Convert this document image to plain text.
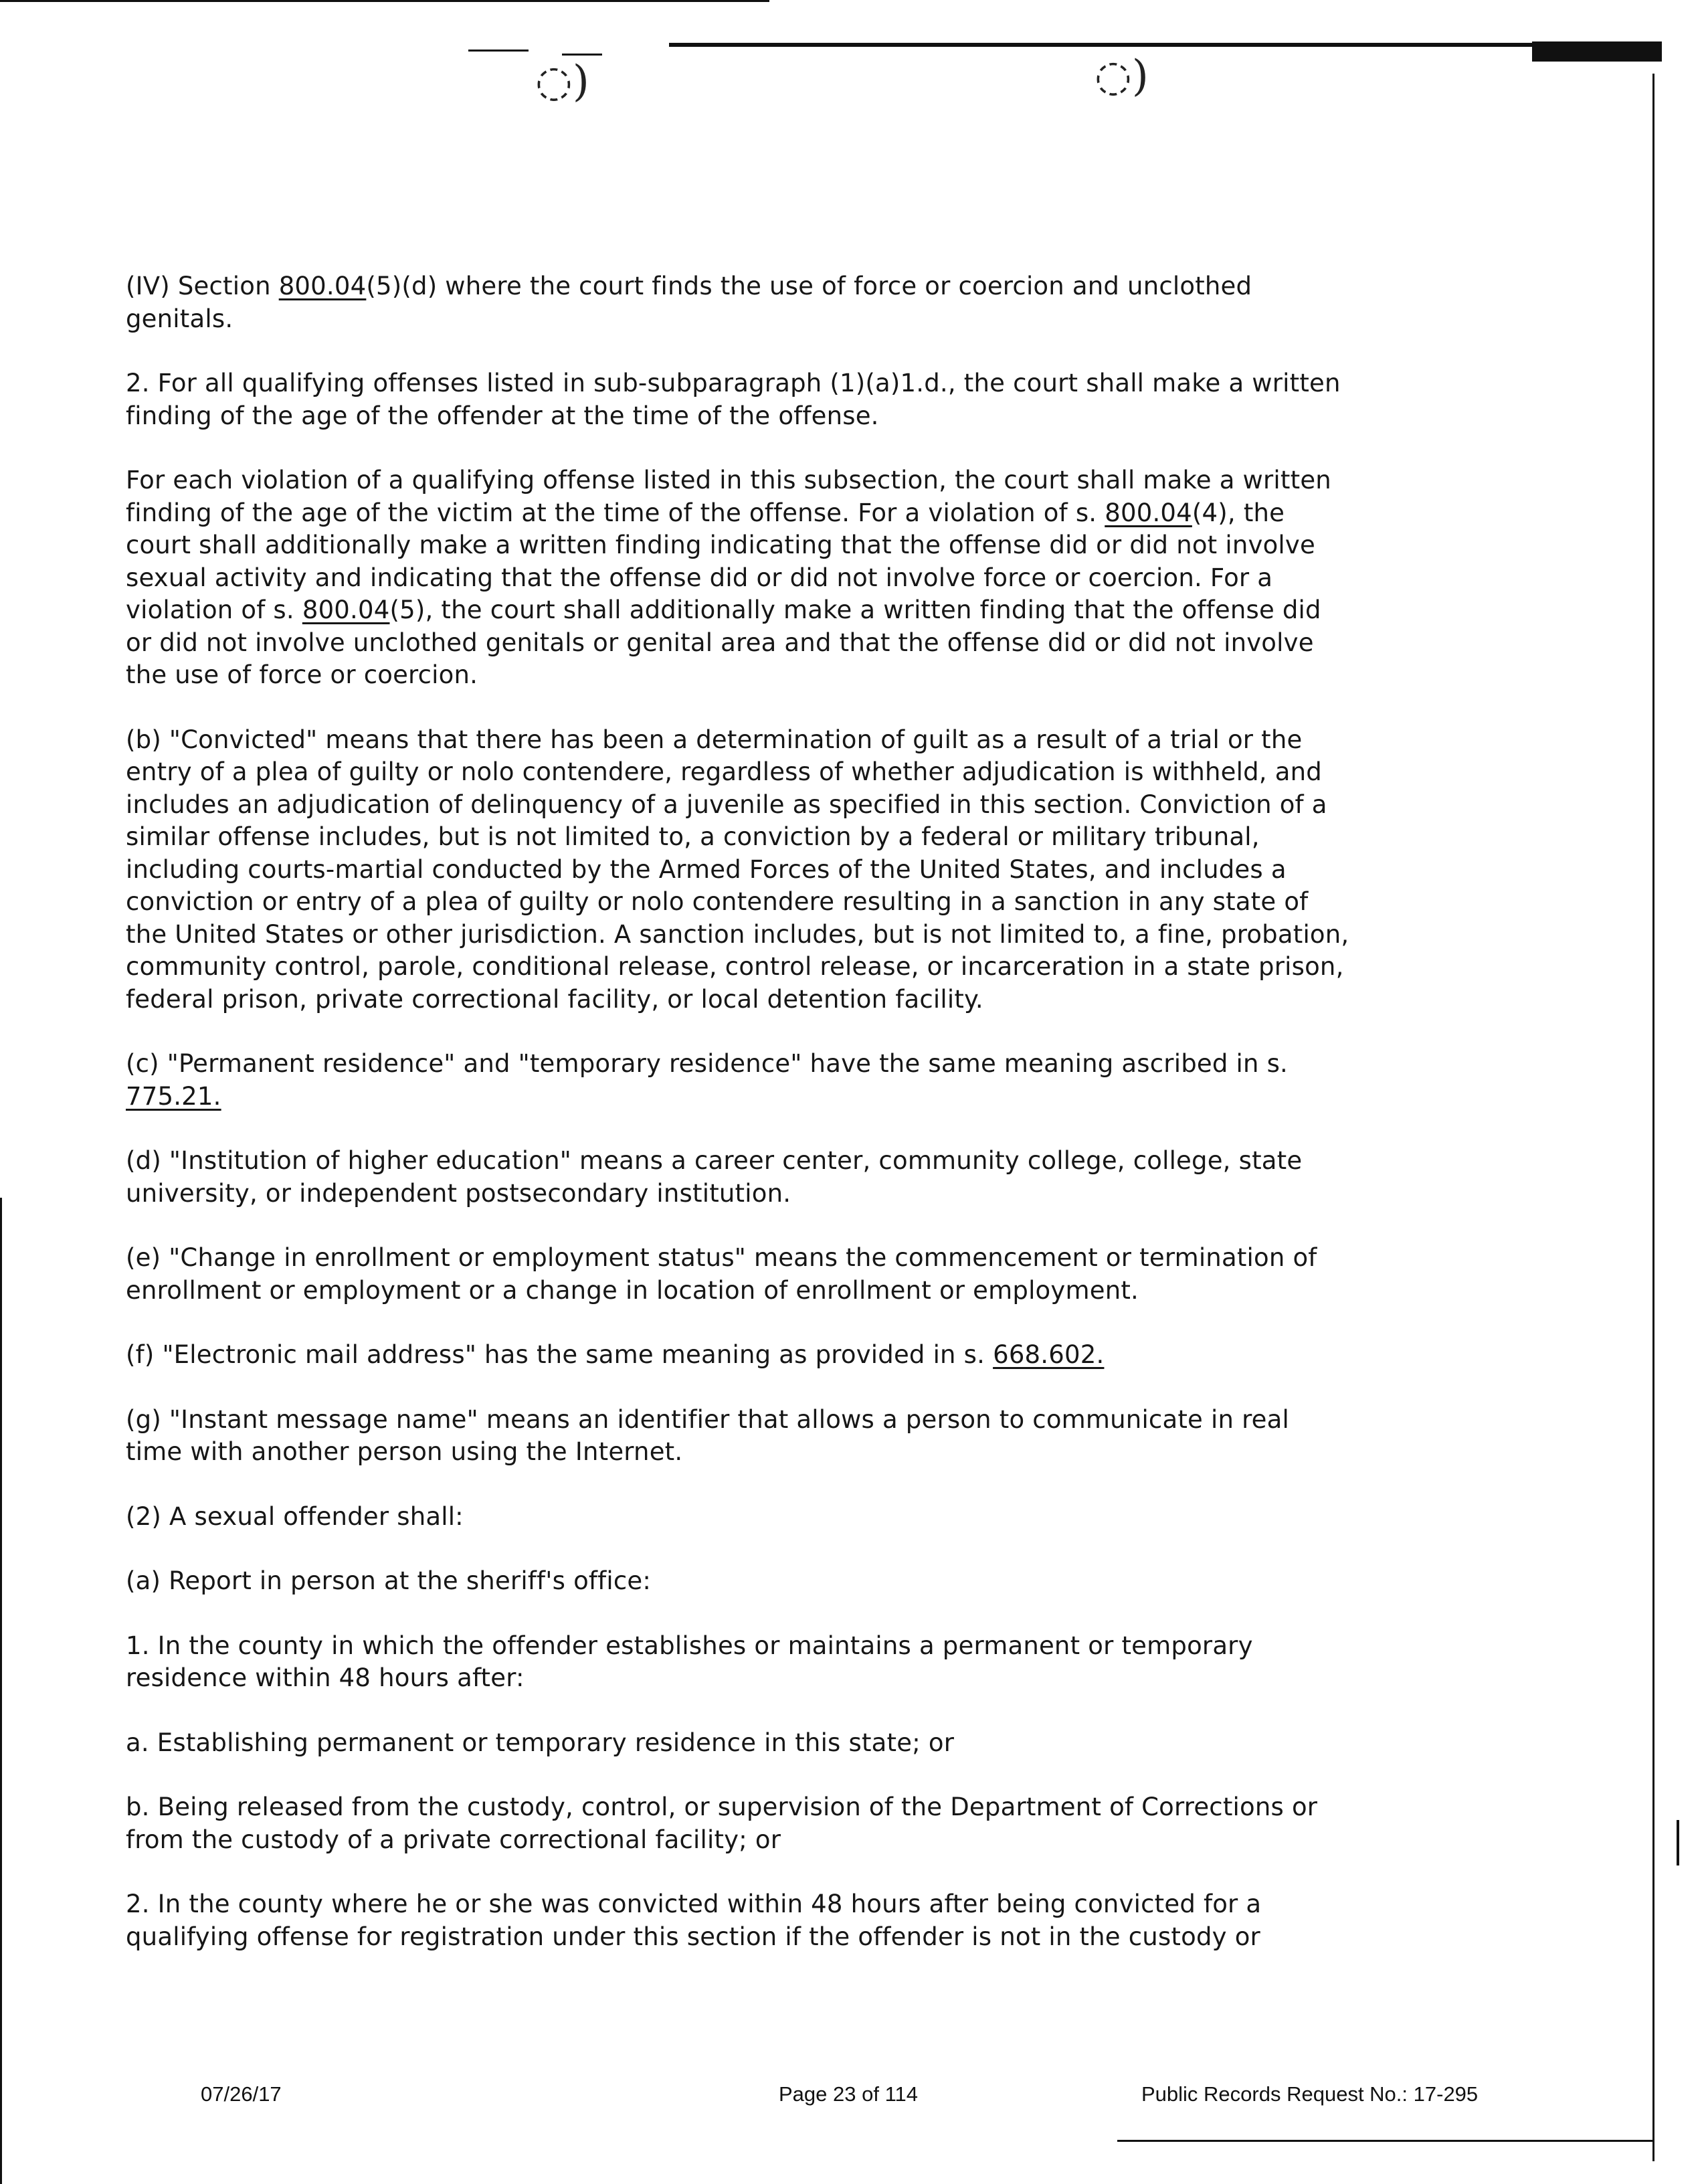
◌)	◌)

(IV) Section 800.04(5)(d) where the court finds the use of force or coercion and unclothed genitals.

2. For all qualifying offenses listed in sub-subparagraph (1)(a)1.d., the court shall make a written finding of the age of the offender at the time of the offense.

For each violation of a qualifying offense listed in this subsection, the court shall make a written finding of the age of the victim at the time of the offense. For a violation of s. 800.04(4), the court shall additionally make a written finding indicating that the offense did or did not involve sexual activity and indicating that the offense did or did not involve force or coercion. For a violation of s. 800.04(5), the court shall additionally make a written finding that the offense did or did not involve unclothed genitals or genital area and that the offense did or did not involve the use of force or coercion.

(b) "Convicted" means that there has been a determination of guilt as a result of a trial or the entry of a plea of guilty or nolo contendere, regardless of whether adjudication is withheld, and includes an adjudication of delinquency of a juvenile as specified in this section. Conviction of a similar offense includes, but is not limited to, a conviction by a federal or military tribunal, including courts-martial conducted by the Armed Forces of the United States, and includes a conviction or entry of a plea of guilty or nolo contendere resulting in a sanction in any state of the United States or other jurisdiction. A sanction includes, but is not limited to, a fine, probation, community control, parole, conditional release, control release, or incarceration in a state prison, federal prison, private correctional facility, or local detention facility.

(c) "Permanent residence" and "temporary residence" have the same meaning ascribed in s. 775.21.

(d) "Institution of higher education" means a career center, community college, college, state university, or independent postsecondary institution.

(e) "Change in enrollment or employment status" means the commencement or termination of enrollment or employment or a change in location of enrollment or employment.

(f) "Electronic mail address" has the same meaning as provided in s. 668.602.

(g) "Instant message name" means an identifier that allows a person to communicate in real time with another person using the Internet.

(2) A sexual offender shall:

(a) Report in person at the sheriff's office:

1. In the county in which the offender establishes or maintains a permanent or temporary residence within 48 hours after:

a. Establishing permanent or temporary residence in this state; or

b. Being released from the custody, control, or supervision of the Department of Corrections or from the custody of a private correctional facility; or

2. In the county where he or she was convicted within 48 hours after being convicted for a qualifying offense for registration under this section if the offender is not in the custody or

07/26/17	Page 23 of 114	Public Records Request No.: 17-295
